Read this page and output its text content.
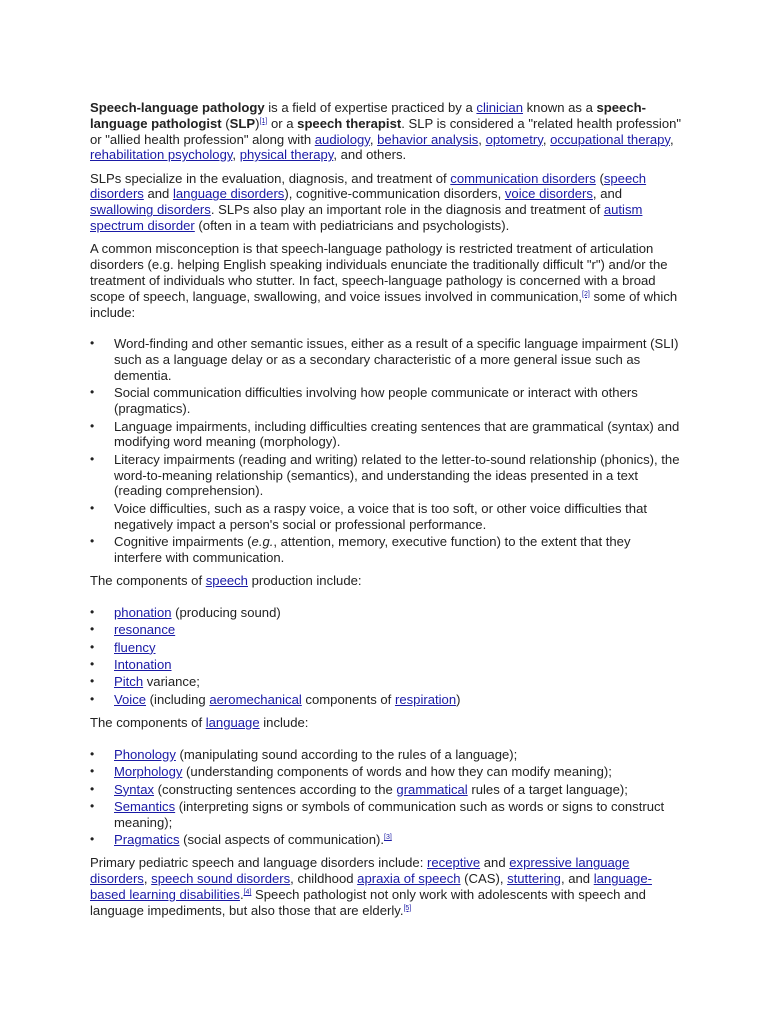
Speech-language pathology is a field of expertise practiced by a clinician known as a speech-language pathologist (SLP)[1] or a speech therapist. SLP is considered a "related health profession" or "allied health profession" along with audiology, behavior analysis, optometry, occupational therapy, rehabilitation psychology, physical therapy, and others.

SLPs specialize in the evaluation, diagnosis, and treatment of communication disorders (speech disorders and language disorders), cognitive-communication disorders, voice disorders, and swallowing disorders. SLPs also play an important role in the diagnosis and treatment of autism spectrum disorder (often in a team with pediatricians and psychologists).

A common misconception is that speech-language pathology is restricted treatment of articulation disorders (e.g. helping English speaking individuals enunciate the traditionally difficult "r") and/or the treatment of individuals who stutter. In fact, speech-language pathology is concerned with a broad scope of speech, language, swallowing, and voice issues involved in communication,[2] some of which include:

• Word-finding and other semantic issues, either as a result of a specific language impairment (SLI) such as a language delay or as a secondary characteristic of a more general issue such as dementia.
• Social communication difficulties involving how people communicate or interact with others (pragmatics).
• Language impairments, including difficulties creating sentences that are grammatical (syntax) and modifying word meaning (morphology).
• Literacy impairments (reading and writing) related to the letter-to-sound relationship (phonics), the word-to-meaning relationship (semantics), and understanding the ideas presented in a text (reading comprehension).
• Voice difficulties, such as a raspy voice, a voice that is too soft, or other voice difficulties that negatively impact a person's social or professional performance.
• Cognitive impairments (e.g., attention, memory, executive function) to the extent that they interfere with communication.

The components of speech production include:

• phonation (producing sound)
• resonance
• fluency
• Intonation
• Pitch variance;
• Voice (including aeromechanical components of respiration)

The components of language include:

• Phonology (manipulating sound according to the rules of a language);
• Morphology (understanding components of words and how they can modify meaning);
• Syntax (constructing sentences according to the grammatical rules of a target language);
• Semantics (interpreting signs or symbols of communication such as words or signs to construct meaning);
• Pragmatics (social aspects of communication).[3]

Primary pediatric speech and language disorders include: receptive and expressive language disorders, speech sound disorders, childhood apraxia of speech (CAS), stuttering, and language-based learning disabilities.[4] Speech pathologist not only work with adolescents with speech and language impediments, but also those that are elderly.[5]
